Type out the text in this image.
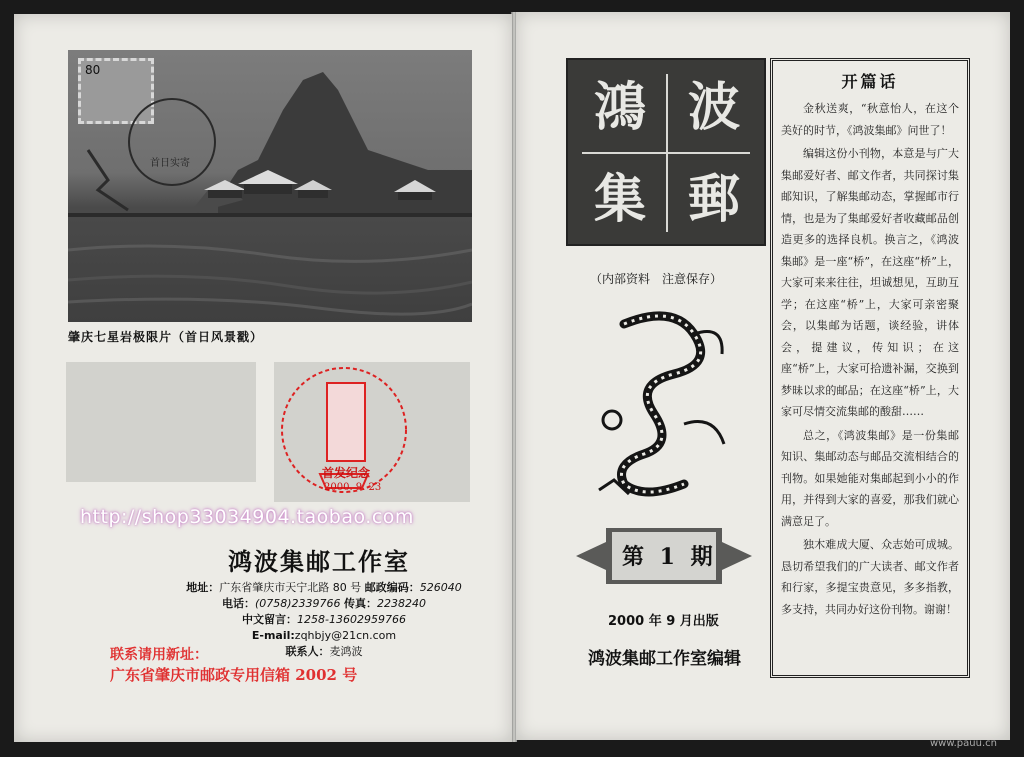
80
首日实寄
肇庆七星岩极限片（首日风景戳）
首发纪念
2000. 9. 23
http://shop33034904.taobao.com
鸿波集邮工作室
地址：广东省肇庆市天宁北路 80 号 邮政编码：526040
电话：(0758)2339766 传真：2238240
中文留言：1258-13602959766
E-mail:zqhbjy@21cn.com
联系人：麦鸿波
联系请用新址：
广东省肇庆市邮政专用信箱 2002 号
鴻 波
集 郵
（内部资料　注意保存）
第 1 期
2000 年 9 月出版
鸿波集邮工作室编辑
开篇话

金秋送爽，“秋意怡人，在这个美好的时节，《鸿波集邮》问世了！

编辑这份小刊物，本意是与广大集邮爱好者、邮文作者，共同探讨集邮知识，了解集邮动态，掌握邮市行情，也是为了集邮爱好者收藏邮品创造更多的选择良机。换言之，《鸿波集邮》是一座“桥”，在这座“桥”上，大家可来来往往，坦诚想见，互助互学；在这座“桥”上，大家可亲密聚会，以集邮为话题，谈经验，讲体会，提建议，传知识；在这座“桥”上，大家可拾遗补漏，交换到梦昧以求的邮品；在这座“桥”上，大家可尽情交流集邮的酸甜……

总之，《鸿波集邮》是一份集邮知识、集邮动态与邮品交流相结合的刊物。如果她能对集邮起到小小的作用，并得到大家的喜爱，那我们就心满意足了。

独木难成大厦、众志始可成城。恳切希望我们的广大读者、邮文作者和行家，多提宝贵意见，多多指教，多支持，共同办好这份刊物。谢谢！

www.pauu.cn
